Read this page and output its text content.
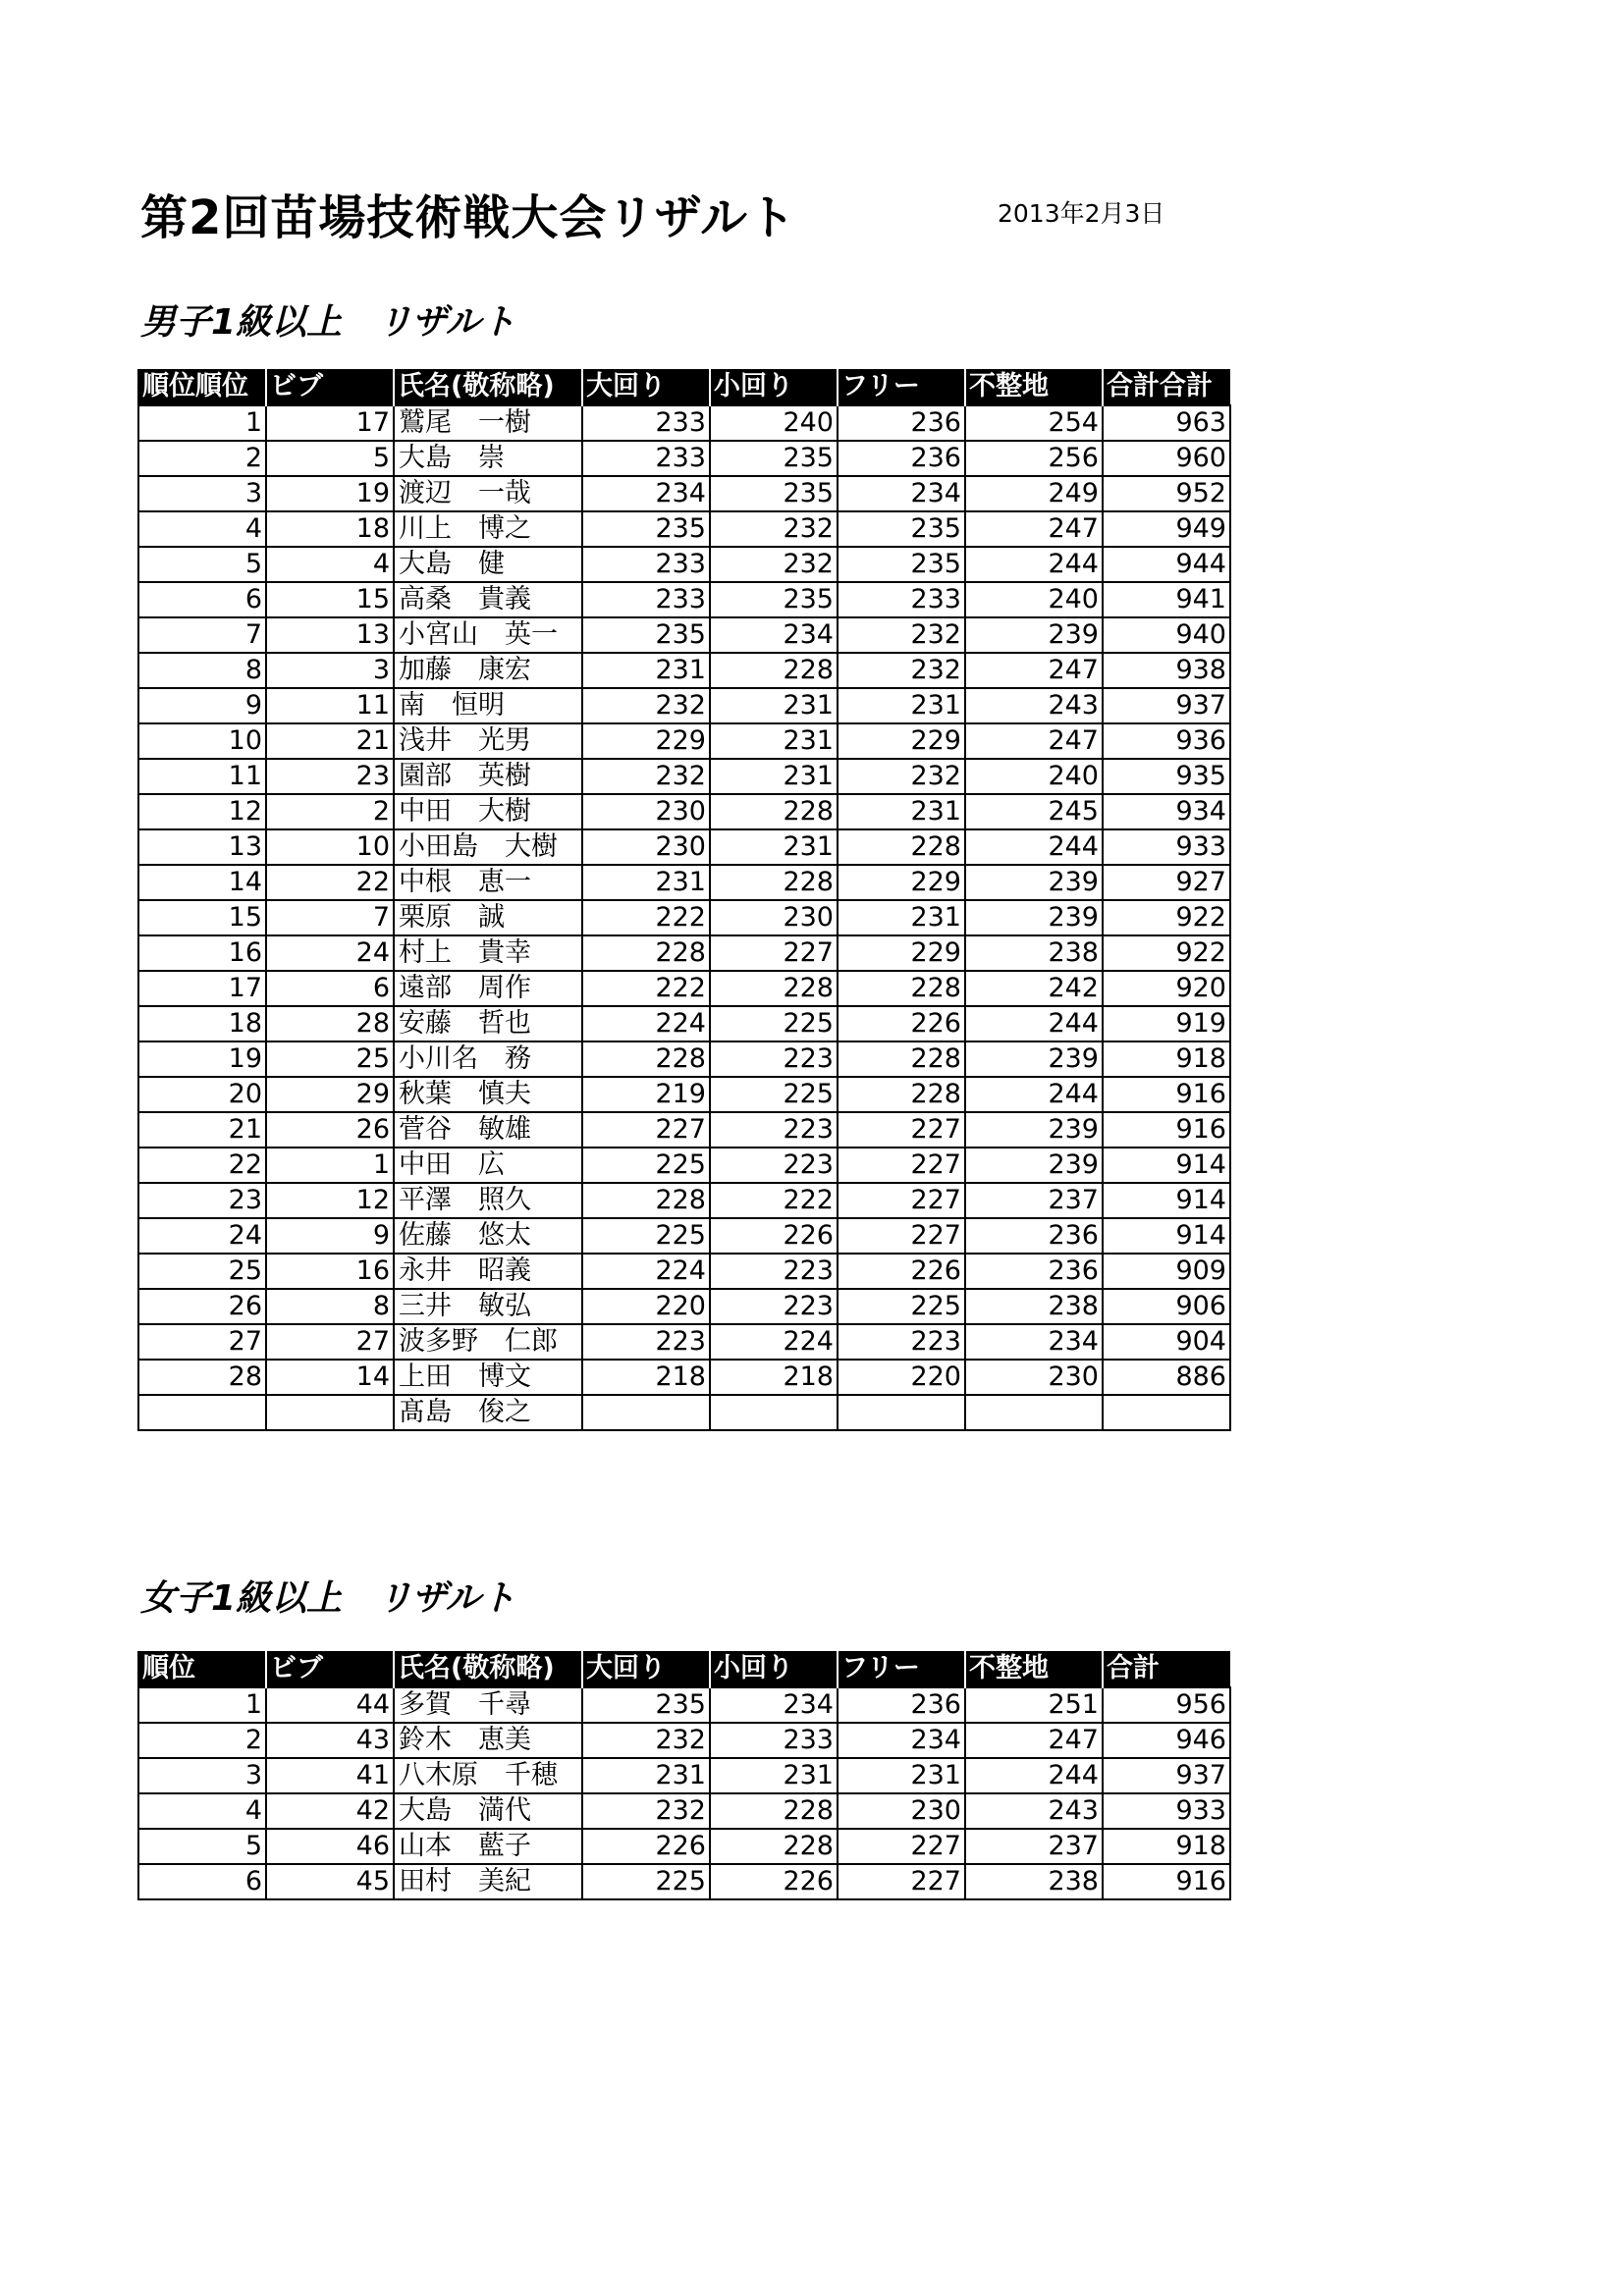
第2回苗場技術戦大会リザルト	2013年2月3日
男子1級以上　リザルト
順位順位	ビブ	氏名(敬称略)	大回り	小回り	フリー	不整地	合計合計
1	17	鷲尾　一樹	233	240	236	254	963
2	5	大島　崇	233	235	236	256	960
3	19	渡辺　一哉	234	235	234	249	952
4	18	川上　博之	235	232	235	247	949
5	4	大島　健	233	232	235	244	944
6	15	高桑　貴義	233	235	233	240	941
7	13	小宮山　英一	235	234	232	239	940
8	3	加藤　康宏	231	228	232	247	938
9	11	南　恒明	232	231	231	243	937
10	21	浅井　光男	229	231	229	247	936
11	23	園部　英樹	232	231	232	240	935
12	2	中田　大樹	230	228	231	245	934
13	10	小田島　大樹	230	231	228	244	933
14	22	中根　恵一	231	228	229	239	927
15	7	栗原　誠	222	230	231	239	922
16	24	村上　貴幸	228	227	229	238	922
17	6	遠部　周作	222	228	228	242	920
18	28	安藤　哲也	224	225	226	244	919
19	25	小川名　務	228	223	228	239	918
20	29	秋葉　慎夫	219	225	228	244	916
21	26	菅谷　敏雄	227	223	227	239	916
22	1	中田　広	225	223	227	239	914
23	12	平澤　照久	228	222	227	237	914
24	9	佐藤　悠太	225	226	227	236	914
25	16	永井　昭義	224	223	226	236	909
26	8	三井　敏弘	220	223	225	238	906
27	27	波多野　仁郎	223	224	223	234	904
28	14	上田　博文	218	218	220	230	886
		髙島　俊之					
女子1級以上　リザルト
順位	ビブ	氏名(敬称略)	大回り	小回り	フリー	不整地	合計
1	44	多賀　千尋	235	234	236	251	956
2	43	鈴木　恵美	232	233	234	247	946
3	41	八木原　千穂	231	231	231	244	937
4	42	大島　満代	232	228	230	243	933
5	46	山本　藍子	226	228	227	237	918
6	45	田村　美紀	225	226	227	238	916
